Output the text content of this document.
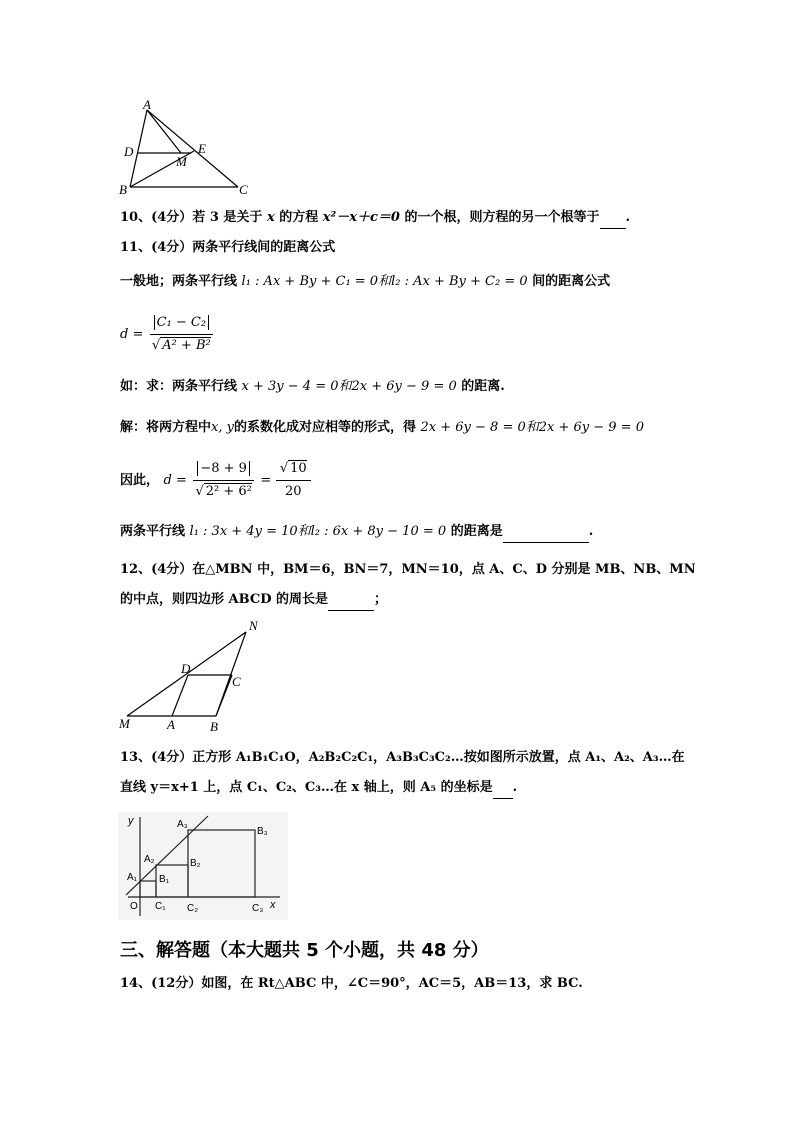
A
D	E
M
B	C
10、(4分）若 3 是关于 x 的方程 x²－x＋c＝0 的一个根，则方程的另一个根等于 .
11、(4分）两条平行线间的距离公式
一般地；两条平行线 l₁ : Ax + By + C₁ = 0和l₂ : Ax + By + C₂ = 0 间的距离公式
$d = \frac{\text{C₁ − C₂}}{\text{√ A² + B²}}$
如：求：两条平行线 x + 3y − 4 = 0和2x + 6y − 9 = 0 的距离.
解：将两方程中x, y的系数化成对应相等的形式，得 2x + 6y − 8 = 0和2x + 6y − 9 = 0
因此， $d = \frac{-8 + 9}{\text{√ 2² + 6²}} = \frac{√ 10}{20}$
两条平行线 l₁ : 3x + 4y = 10和l₂ : 6x + 8y − 10 = 0 的距离是	.
12、(4分）在△MBN 中，BM＝6，BN＝7，MN＝10，点 A、C、D 分别是 MB、NB、MN
的中点，则四边形 ABCD 的周长是	；
N
D
C
M	A	B
13、(4分）正方形 A₁B₁C₁O，A₂B₂C₂C₁，A₃B₃C₃C₂…按如图所示放置，点 A₁、A₂、A₃…在
直线 y＝x+1 上，点 C₁、C₂、C₃…在 x 轴上，则 A₅ 的坐标是 .
y
x
O
A₁
A₂
A₃
B₁
B₂
B₃
C₁ C₂	C₃
三、解答题（本大题共 5 个小题，共 48 分）
14、(12分）如图，在 Rt△ABC 中，∠C＝90°，AC＝5，AB＝13，求 BC.
